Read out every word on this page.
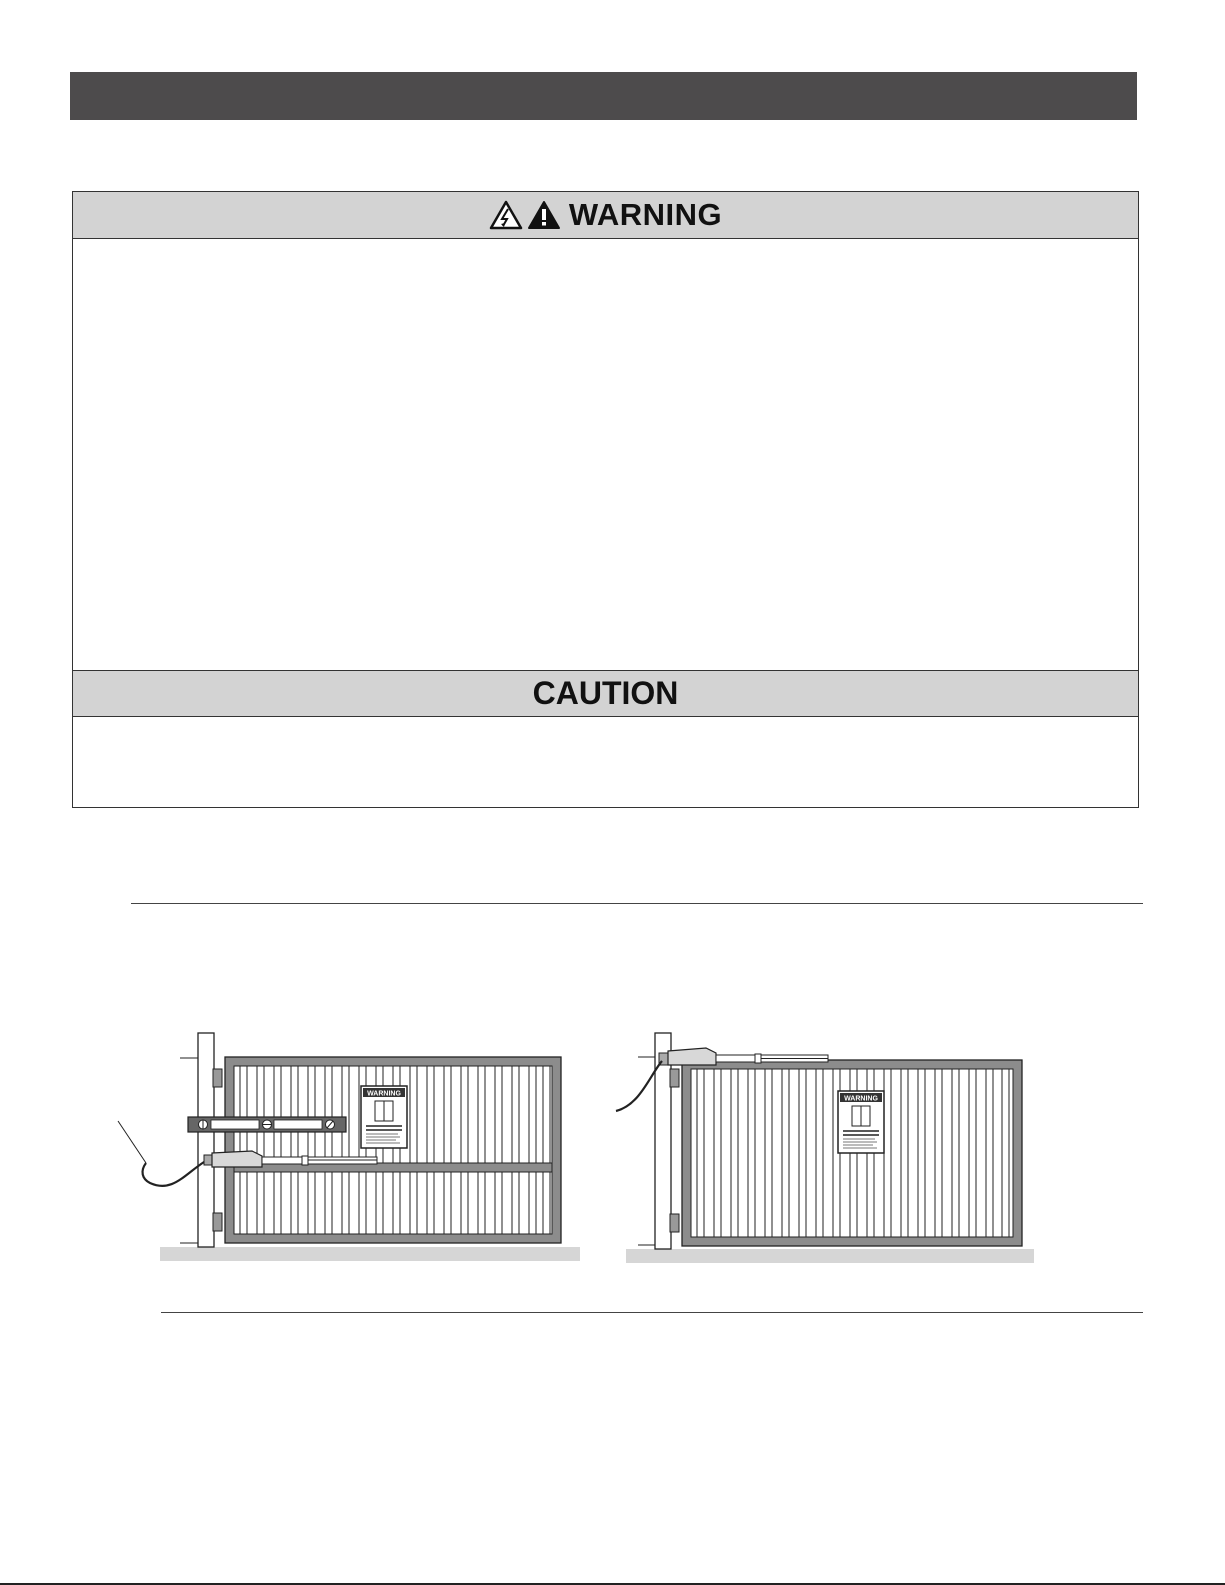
WARNING
CAUTION
WARNING
WARNING
